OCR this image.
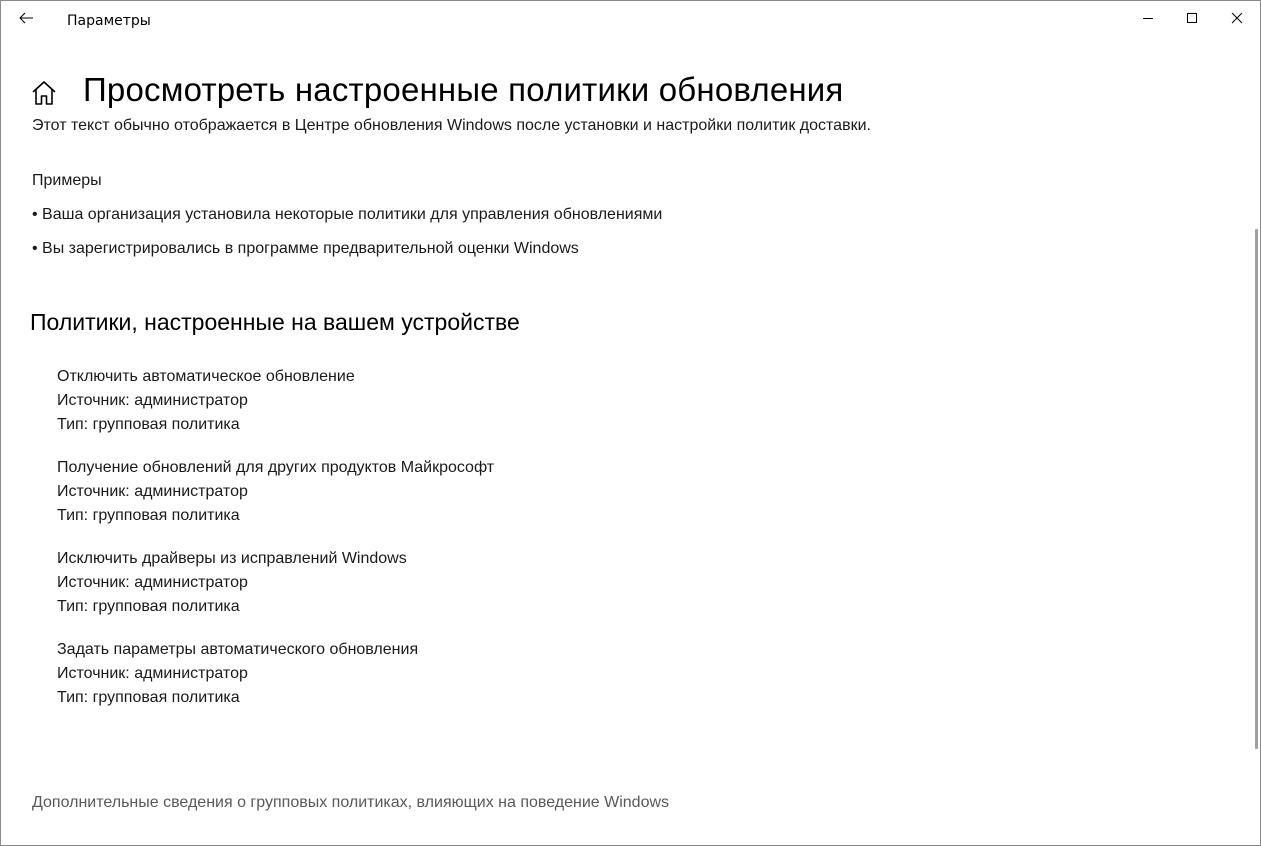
Параметры
Просмотреть настроенные политики обновления
Этот текст обычно отображается в Центре обновления Windows после установки и настройки политик доставки.
Примеры
• Ваша организация установила некоторые политики для управления обновлениями
• Вы зарегистрировались в программе предварительной оценки Windows
Политики, настроенные на вашем устройстве
Отключить автоматическое обновление
Источник: администратор
Тип: групповая политика
Получение обновлений для других продуктов Майкрософт
Источник: администратор
Тип: групповая политика
Исключить драйверы из исправлений Windows
Источник: администратор
Тип: групповая политика
Задать параметры автоматического обновления
Источник: администратор
Тип: групповая политика
Дополнительные сведения о групповых политиках, влияющих на поведение Windows
